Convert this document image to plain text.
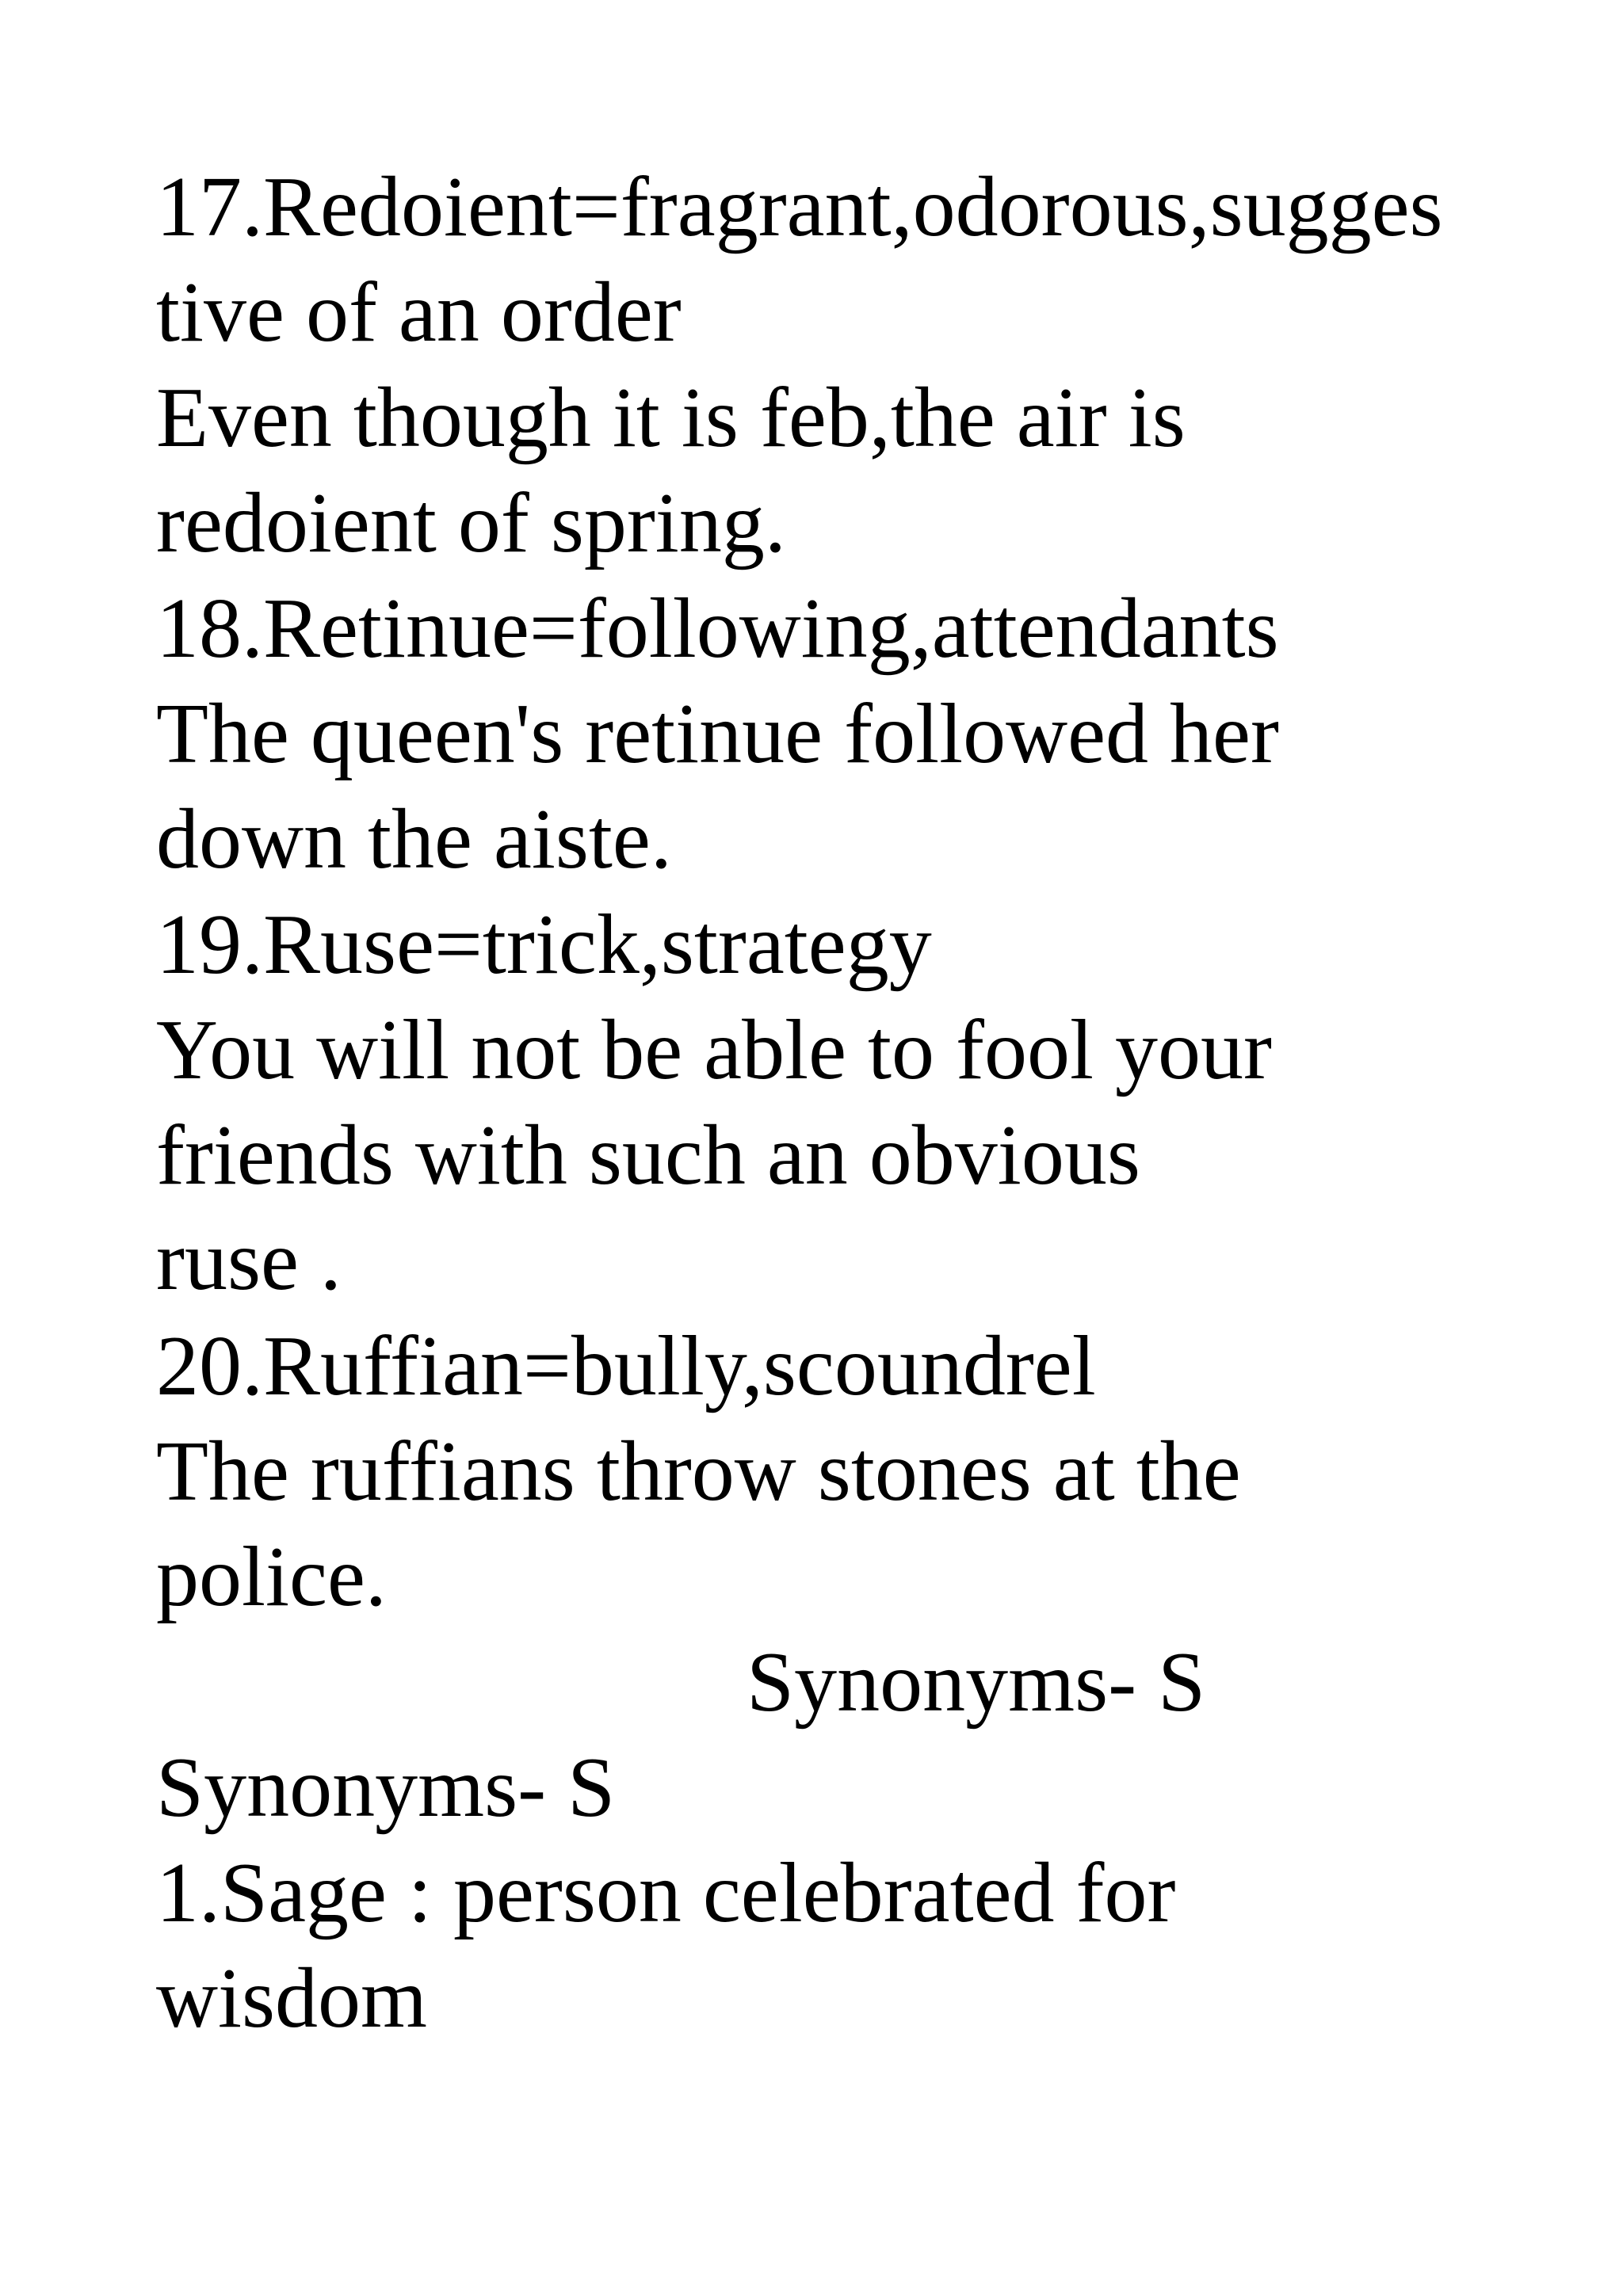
17.Redoient=fragrant,odorous,sugges
tive of an order
Even though it is feb,the air is
redoient of spring.
18.Retinue=following,attendants
The queen's retinue followed her
down the aiste.
19.Ruse=trick,strategy
You will not be able to fool your
friends with such an obvious
ruse .
20.Ruffian=bully,scoundrel
The ruffians throw stones at the
police.
Synonyms- S
Synonyms- S
1.Sage : person celebrated for
wisdom
